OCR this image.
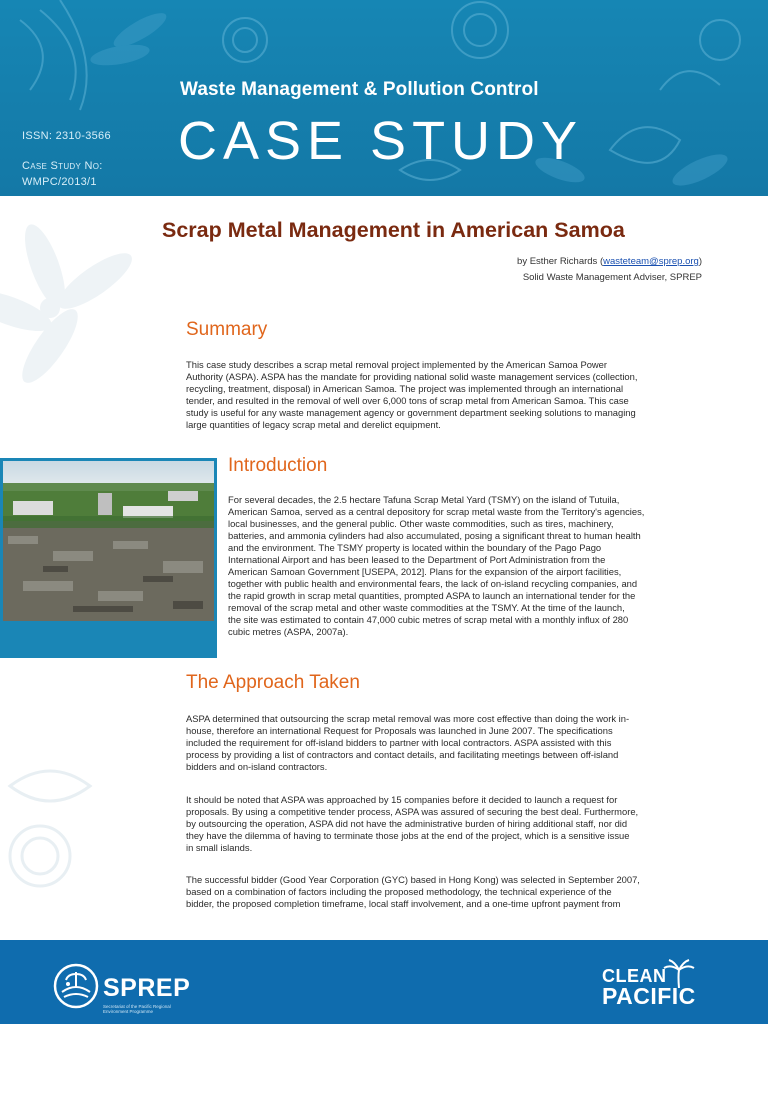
Waste Management & Pollution Control
CASE STUDY
ISSN: 2310-3566
Case Study No:
WMPC/2013/1
Scrap Metal Management in American Samoa
by Esther Richards (wasteteam@sprep.org)
Solid Waste Management Adviser, SPREP
Summary
This case study describes a scrap metal removal project implemented by the American Samoa Power
Authority (ASPA). ASPA has the mandate for providing national solid waste management services (collection,
recycling, treatment, disposal) in American Samoa. The project was implemented through an international
tender, and resulted in the removal of well over 6,000 tons of scrap metal from American Samoa. This case
study is useful for any waste management agency or government department seeking solutions to managing
large quantities of legacy scrap metal and derelict equipment.
Aerial view of scrap metal yard
(Aerial view, n.d)
Introduction
For several decades, the 2.5 hectare Tafuna Scrap Metal Yard (TSMY) on the island of Tutuila,
American Samoa, served as a central depository for scrap metal waste from the Territory's agencies,
local businesses, and the general public. Other waste commodities, such as tires, machinery,
batteries, and ammonia cylinders had also accumulated, posing a significant threat to human health
and the environment. The TSMY property is located within the boundary of the Pago Pago
International Airport and has been leased to the Department of Port Administration from the
American Samoan Government [USEPA, 2012]. Plans for the expansion of the airport facilities,
together with public health and environmental fears, the lack of on-island recycling companies, and
the rapid growth in scrap metal quantities, prompted ASPA to launch an international tender for the
removal of the scrap metal and other waste commodities at the TSMY. At the time of the launch,
the site was estimated to contain 47,000 cubic metres of scrap metal with a monthly influx of 280
cubic metres (ASPA, 2007a).
The Approach Taken
ASPA determined that outsourcing the scrap metal removal was more cost effective than doing the work in-
house, therefore an international Request for Proposals was launched in June 2007. The specifications
included the requirement for off-island bidders to partner with local contractors. ASPA assisted with this
process by providing a list of contractors and contact details, and facilitating meetings between off-island
bidders and on-island contractors.
It should be noted that ASPA was approached by 15 companies before it decided to launch a request for
proposals. By using a competitive tender process, ASPA was assured of securing the best deal. Furthermore,
by outsourcing the operation, ASPA did not have the administrative burden of hiring additional staff, nor did
they have the dilemma of having to terminate those jobs at the end of the project, which is a sensitive issue
in small islands.
The successful bidder (Good Year Corporation (GYC) based in Hong Kong) was selected in September 2007,
based on a combination of factors including the proposed methodology, the technical experience of the
bidder, the proposed completion timeframe, local staff involvement, and a one-time upfront payment from
SPREP
Secretariat of the Pacific Regional Environment Programme
CLEAN
PACIFIC
